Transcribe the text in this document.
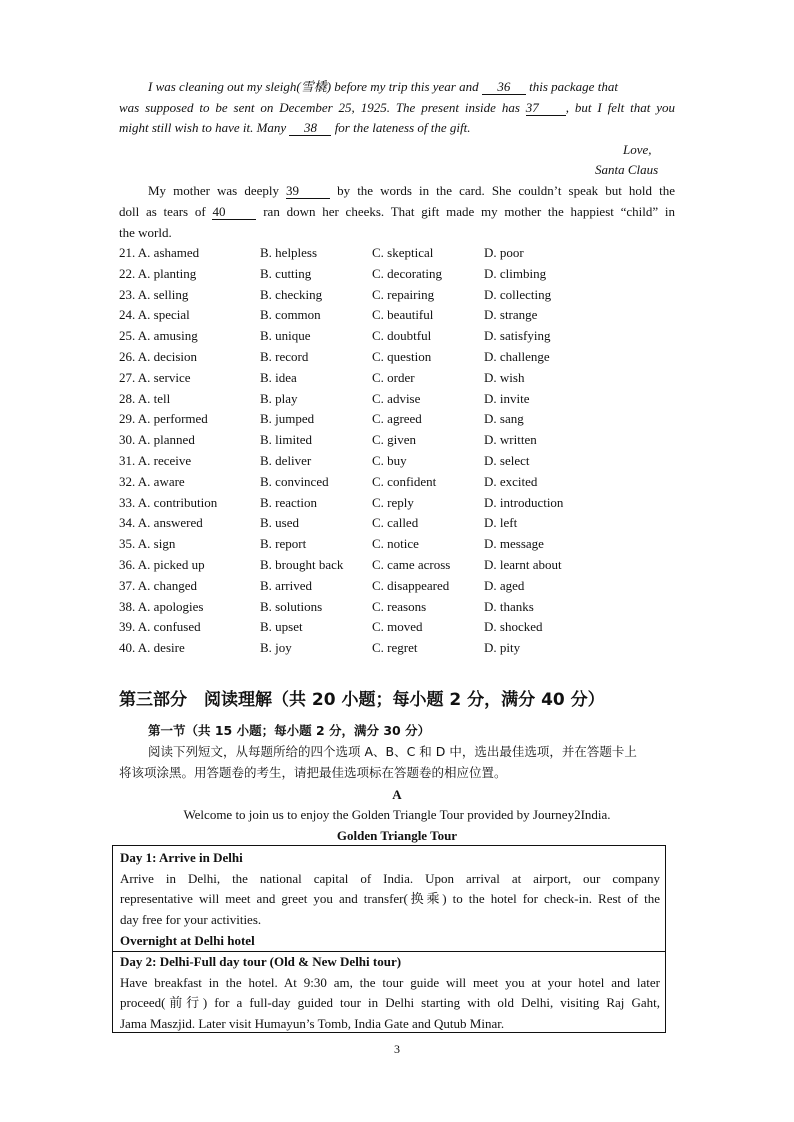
I was cleaning out my sleigh(雪橇) before my trip this year and 36 this package that
was supposed to be sent on December 25, 1925. The present inside has 37 , but I felt that you
might still wish to have it. Many 38 for the lateness of the gift.
Love,
Santa Claus
My mother was deeply 39	by the words in the card. She couldn’t speak but hold the
doll as tears of 40	ran down her cheeks. That gift made my mother the happiest “child” in
the world.
21. A. ashamed	B. helpless	C. skeptical	D. poor
22. A. planting	B. cutting	C. decorating	D. climbing
23. A. selling	B. checking	C. repairing	D. collecting
24. A. special	B. common	C. beautiful	D. strange
25. A. amusing	B. unique	C. doubtful	D. satisfying
26. A. decision	B. record	C. question	D. challenge
27. A. service	B. idea	C. order	D. wish
28. A. tell	B. play	C. advise	D. invite
29. A. performed	B. jumped	C. agreed	D. sang
30. A. planned	B. limited	C. given	D. written
31. A. receive	B. deliver	C. buy	D. select
32. A. aware	B. convinced	C. confident	D. excited
33. A. contribution	B. reaction	C. reply	D. introduction
34. A. answered	B. used	C. called	D. left
35. A. sign	B. report	C. notice	D. message
36. A. picked up	B. brought back C. came across	D. learnt about
37. A. changed	B. arrived	C. disappeared	D. aged
38. A. apologies	B. solutions	C. reasons	D. thanks
39. A. confused	B. upset	C. moved	D. shocked
40. A. desire	B. joy	C. regret	D. pity
第三部分　阅读理解（共 20 小题；每小题 2 分，满分 40 分）
第一节（共 15 小题；每小题 2 分，满分 30 分）
阅读下列短文，从每题所给的四个选项 A、B、C 和 D 中，选出最佳选项，并在答题卡上
将该项涂黑。用答题卷的考生，请把最佳选项标在答题卷的相应位置。
A
Welcome to join us to enjoy the Golden Triangle Tour provided by Journey2India.
Golden Triangle Tour
Day 1: Arrive in Delhi
Arrive in Delhi, the national capital of India. Upon arrival at airport, our company
representative will meet and greet you and transfer(换乘) to the hotel for check-in. Rest of the
day free for your activities.
Overnight at Delhi hotel
Day 2: Delhi-Full day tour (Old & New Delhi tour)
Have breakfast in the hotel. At 9:30 am, the tour guide will meet you at your hotel and later
proceed(前行) for a full-day guided tour in Delhi starting with old Delhi, visiting Raj Gaht,
Jama Maszjid. Later visit Humayun’s Tomb, India Gate and Qutub Minar.
3
